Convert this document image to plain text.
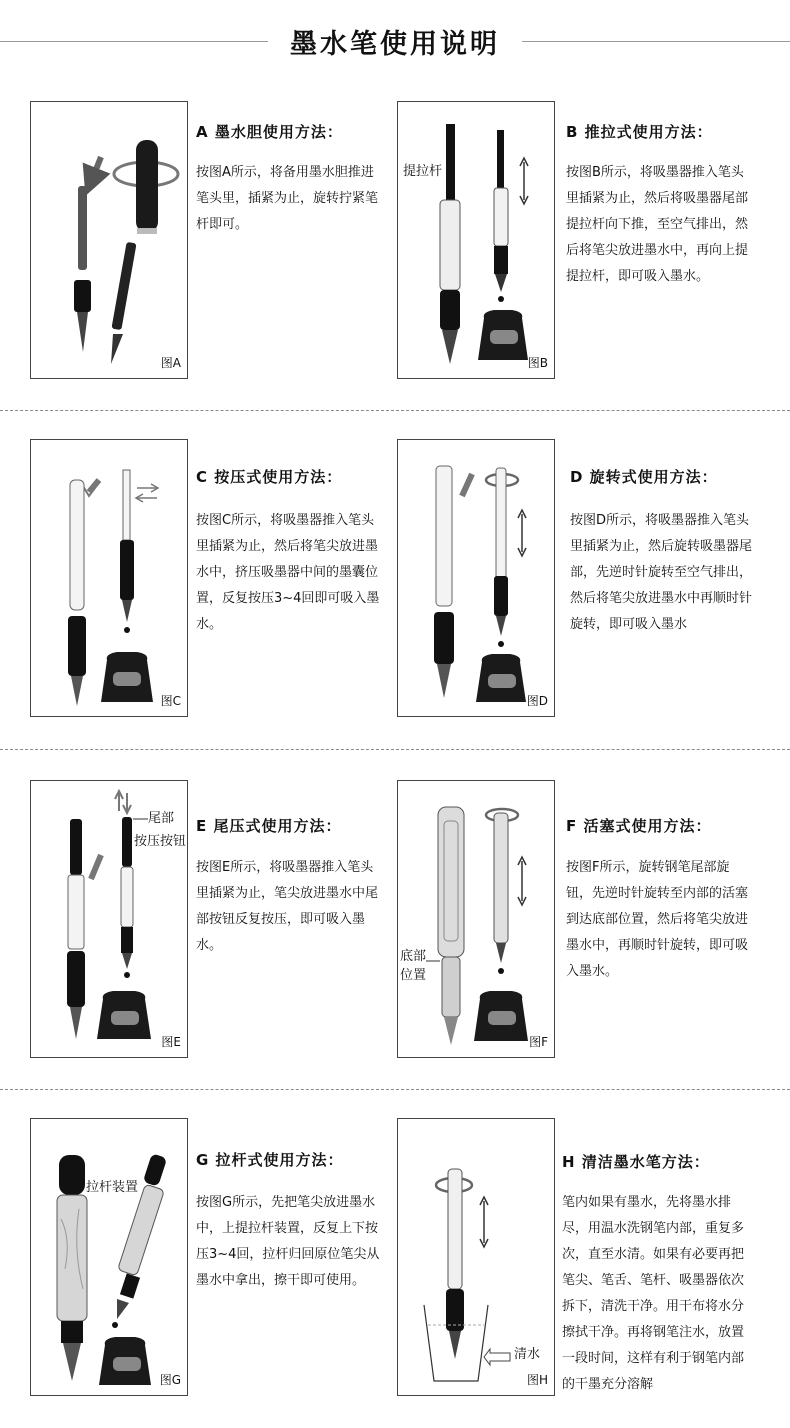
墨水笔使用说明
图A
A 墨水胆使用方法：
按图A所示，将备用墨水胆推进笔头里，插紧为止，旋转拧紧笔杆即可。
提拉杆
图B
B 推拉式使用方法：
按图B所示，将吸墨器推入笔头里插紧为止，然后将吸墨器尾部提拉杆向下推，至空气排出，然后将笔尖放进墨水中，再向上提提拉杆，即可吸入墨水。
图C
C 按压式使用方法：
按图C所示，将吸墨器推入笔头里插紧为止，然后将笔尖放进墨水中，挤压吸墨器中间的墨囊位置，反复按压3~4回即可吸入墨水。
图D
D 旋转式使用方法：
按图D所示，将吸墨器推入笔头里插紧为止，然后旋转吸墨器尾部，先逆时针旋转至空气排出，然后将笔尖放进墨水中再顺时针旋转，即可吸入墨水
尾部
按压按钮
图E
E 尾压式使用方法：
按图E所示，将吸墨器推入笔头里插紧为止，笔尖放进墨水中尾部按钮反复按压，即可吸入墨水。
底部
位置
图F
F 活塞式使用方法：
按图F所示，旋转钢笔尾部旋钮，先逆时针旋转至内部的活塞到达底部位置，然后将笔尖放进墨水中，再顺时针旋转，即可吸入墨水。
拉杆装置
图G
G 拉杆式使用方法：
按图G所示，先把笔尖放进墨水中，上提拉杆装置，反复上下按压3~4回，拉杆归回原位笔尖从墨水中拿出，擦干即可使用。
清水
图H
H 清洁墨水笔方法：
笔内如果有墨水，先将墨水排尽，用温水洗钢笔内部，重复多次，直至水清。如果有必要再把笔尖、笔舌、笔杆、吸墨器依次拆下，清洗干净。用干布将水分擦拭干净。再将钢笔注水，放置一段时间，这样有利于钢笔内部的干墨充分溶解
